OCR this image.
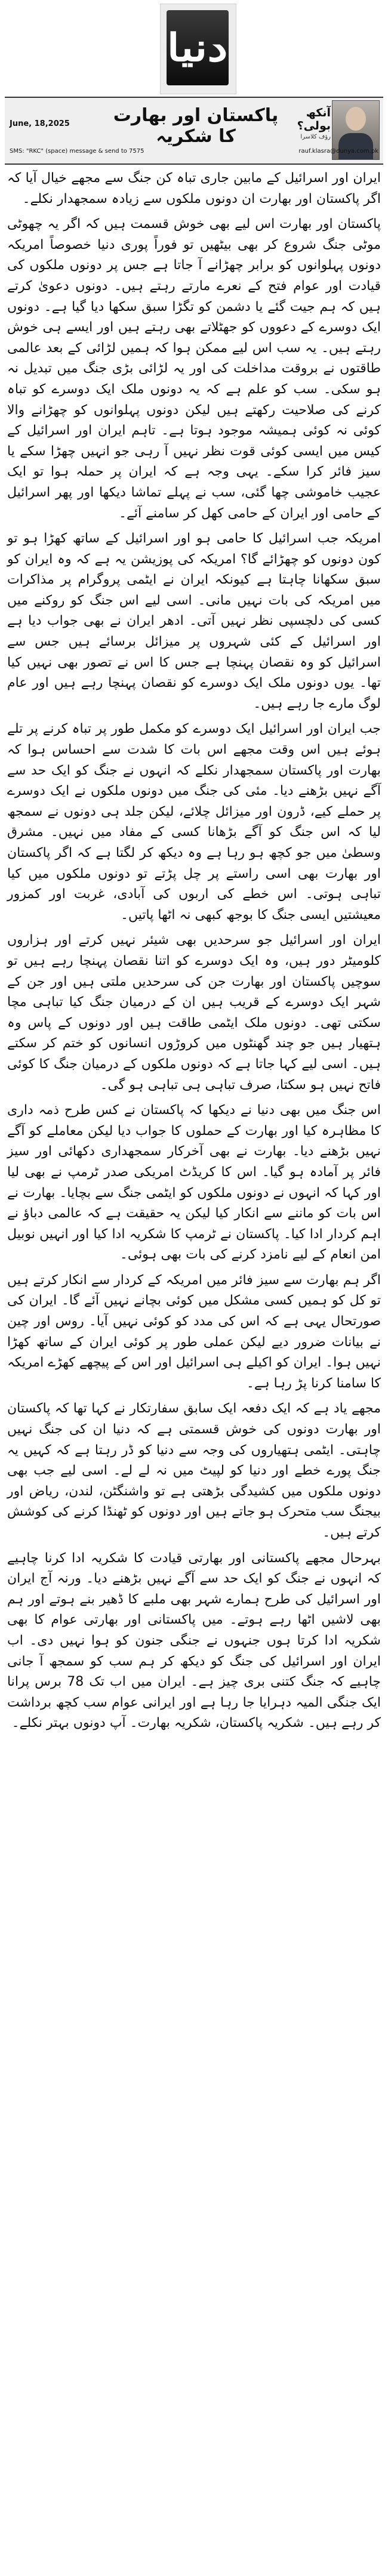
دنیا
June, 18,2025
SMS: "RKC" (space) message & send to 7575
پاکستان اور بھارت کا شکریہ
آنکھ بولی؟
رؤف کلاسرا
rauf.klasra@dunya.com.pk

ایران اور اسرائیل کے مابین جاری تباہ کن جنگ سے مجھے خیال آیا کہ اگر پاکستان اور بھارت ان دونوں ملکوں سے زیادہ سمجھدار نکلے۔

پاکستان اور بھارت اس لیے بھی خوش قسمت ہیں کہ اگر یہ چھوٹی موٹی جنگ شروع کر بھی بیٹھیں تو فوراً پوری دنیا خصوصاً امریکہ دونوں پہلوانوں کو برابر چھڑانے آ جاتا ہے جس پر دونوں ملکوں کی قیادت اور عوام فتح کے نعرے مارتے رہتے ہیں۔ دونوں دعویٰ کرتے ہیں کہ ہم جیت گئے یا دشمن کو تگڑا سبق سکھا دیا گیا ہے۔ دونوں ایک دوسرے کے دعووں کو جھٹلاتے بھی رہتے ہیں اور ایسے ہی خوش رہتے ہیں۔ یہ سب اس لیے ممکن ہوا کہ ہمیں لڑائی کے بعد عالمی طاقتوں نے بروقت مداخلت کی اور یہ لڑائی بڑی جنگ میں تبدیل نہ ہو سکی۔ سب کو علم ہے کہ یہ دونوں ملک ایک دوسرے کو تباہ کرنے کی صلاحیت رکھتے ہیں لیکن دونوں پہلوانوں کو چھڑانے والا کوئی نہ کوئی ہمیشہ موجود ہوتا ہے۔ تاہم ایران اور اسرائیل کے کیس میں ایسی کوئی قوت نظر نہیں آ رہی جو انہیں چھڑا سکے یا سیز فائر کرا سکے۔ یہی وجہ ہے کہ ایران پر حملہ ہوا تو ایک عجیب خاموشی چھا گئی، سب نے پہلے تماشا دیکھا اور پھر اسرائیل کے حامی اور ایران کے حامی کھل کر سامنے آئے۔

امریکہ جب اسرائیل کا حامی ہو اور اسرائیل کے ساتھ کھڑا ہو تو کون دونوں کو چھڑائے گا؟ امریکہ کی پوزیشن یہ ہے کہ وہ ایران کو سبق سکھانا چاہتا ہے کیونکہ ایران نے ایٹمی پروگرام پر مذاکرات میں امریکہ کی بات نہیں مانی۔ اسی لیے اس جنگ کو روکنے میں کسی کی دلچسپی نظر نہیں آتی۔ ادھر ایران نے بھی جواب دیا ہے اور اسرائیل کے کئی شہروں پر میزائل برسائے ہیں جس سے اسرائیل کو وہ نقصان پہنچا ہے جس کا اس نے تصور بھی نہیں کیا تھا۔ یوں دونوں ملک ایک دوسرے کو نقصان پہنچا رہے ہیں اور عام لوگ مارے جا رہے ہیں۔

جب ایران اور اسرائیل ایک دوسرے کو مکمل طور پر تباہ کرنے پر تلے ہوئے ہیں اس وقت مجھے اس بات کا شدت سے احساس ہوا کہ بھارت اور پاکستان سمجھدار نکلے کہ انہوں نے جنگ کو ایک حد سے آگے نہیں بڑھنے دیا۔ مئی کی جنگ میں دونوں ملکوں نے ایک دوسرے پر حملے کیے، ڈرون اور میزائل چلائے، لیکن جلد ہی دونوں نے سمجھ لیا کہ اس جنگ کو آگے بڑھانا کسی کے مفاد میں نہیں۔ مشرق وسطیٰ میں جو کچھ ہو رہا ہے وہ دیکھ کر لگتا ہے کہ اگر پاکستان اور بھارت بھی اسی راستے پر چل پڑتے تو دونوں ملکوں میں کیا تباہی ہوتی۔ اس خطے کی اربوں کی آبادی، غربت اور کمزور معیشتیں ایسی جنگ کا بوجھ کبھی نہ اٹھا پاتیں۔

ایران اور اسرائیل جو سرحدیں بھی شیئر نہیں کرتے اور ہزاروں کلومیٹر دور ہیں، وہ ایک دوسرے کو اتنا نقصان پہنچا رہے ہیں تو سوچیں پاکستان اور بھارت جن کی سرحدیں ملتی ہیں اور جن کے شہر ایک دوسرے کے قریب ہیں ان کے درمیان جنگ کیا تباہی مچا سکتی تھی۔ دونوں ملک ایٹمی طاقت ہیں اور دونوں کے پاس وہ ہتھیار ہیں جو چند گھنٹوں میں کروڑوں انسانوں کو ختم کر سکتے ہیں۔ اسی لیے کہا جاتا ہے کہ دونوں ملکوں کے درمیان جنگ کا کوئی فاتح نہیں ہو سکتا، صرف تباہی ہی تباہی ہو گی۔

اس جنگ میں بھی دنیا نے دیکھا کہ پاکستان نے کس طرح ذمہ داری کا مظاہرہ کیا اور بھارت کے حملوں کا جواب دیا لیکن معاملے کو آگے نہیں بڑھنے دیا۔ بھارت نے بھی آخرکار سمجھداری دکھائی اور سیز فائر پر آمادہ ہو گیا۔ اس کا کریڈٹ امریکی صدر ٹرمپ نے بھی لیا اور کہا کہ انہوں نے دونوں ملکوں کو ایٹمی جنگ سے بچایا۔ بھارت نے اس بات کو ماننے سے انکار کیا لیکن یہ حقیقت ہے کہ عالمی دباؤ نے اہم کردار ادا کیا۔ پاکستان نے ٹرمپ کا شکریہ ادا کیا اور انہیں نوبیل امن انعام کے لیے نامزد کرنے کی بات بھی ہوئی۔

اگر ہم بھارت سے سیز فائر میں امریکہ کے کردار سے انکار کرتے ہیں تو کل کو ہمیں کسی مشکل میں کوئی بچانے نہیں آئے گا۔ ایران کی صورتحال یہی ہے کہ اس کی مدد کو کوئی نہیں آیا۔ روس اور چین نے بیانات ضرور دیے لیکن عملی طور پر کوئی ایران کے ساتھ کھڑا نہیں ہوا۔ ایران کو اکیلے ہی اسرائیل اور اس کے پیچھے کھڑے امریکہ کا سامنا کرنا پڑ رہا ہے۔

مجھے یاد ہے کہ ایک دفعہ ایک سابق سفارتکار نے کہا تھا کہ پاکستان اور بھارت دونوں کی خوش قسمتی ہے کہ دنیا ان کی جنگ نہیں چاہتی۔ ایٹمی ہتھیاروں کی وجہ سے دنیا کو ڈر رہتا ہے کہ کہیں یہ جنگ پورے خطے اور دنیا کو لپیٹ میں نہ لے لے۔ اسی لیے جب بھی دونوں ملکوں میں کشیدگی بڑھتی ہے تو واشنگٹن، لندن، ریاض اور بیجنگ سب متحرک ہو جاتے ہیں اور دونوں کو ٹھنڈا کرنے کی کوشش کرتے ہیں۔

بہرحال مجھے پاکستانی اور بھارتی قیادت کا شکریہ ادا کرنا چاہیے کہ انہوں نے جنگ کو ایک حد سے آگے نہیں بڑھنے دیا۔ ورنہ آج ایران اور اسرائیل کی طرح ہمارے شہر بھی ملبے کا ڈھیر بنے ہوتے اور ہم بھی لاشیں اٹھا رہے ہوتے۔ میں پاکستانی اور بھارتی عوام کا بھی شکریہ ادا کرتا ہوں جنہوں نے جنگی جنون کو ہوا نہیں دی۔ اب ایران اور اسرائیل کی جنگ کو دیکھ کر ہم سب کو سمجھ آ جانی چاہیے کہ جنگ کتنی بری چیز ہے۔ ایران میں اب تک 78 برس پرانا ایک جنگی المیہ دہرایا جا رہا ہے اور ایرانی عوام سب کچھ برداشت کر رہے ہیں۔ شکریہ پاکستان، شکریہ بھارت۔ آپ دونوں بہتر نکلے۔
